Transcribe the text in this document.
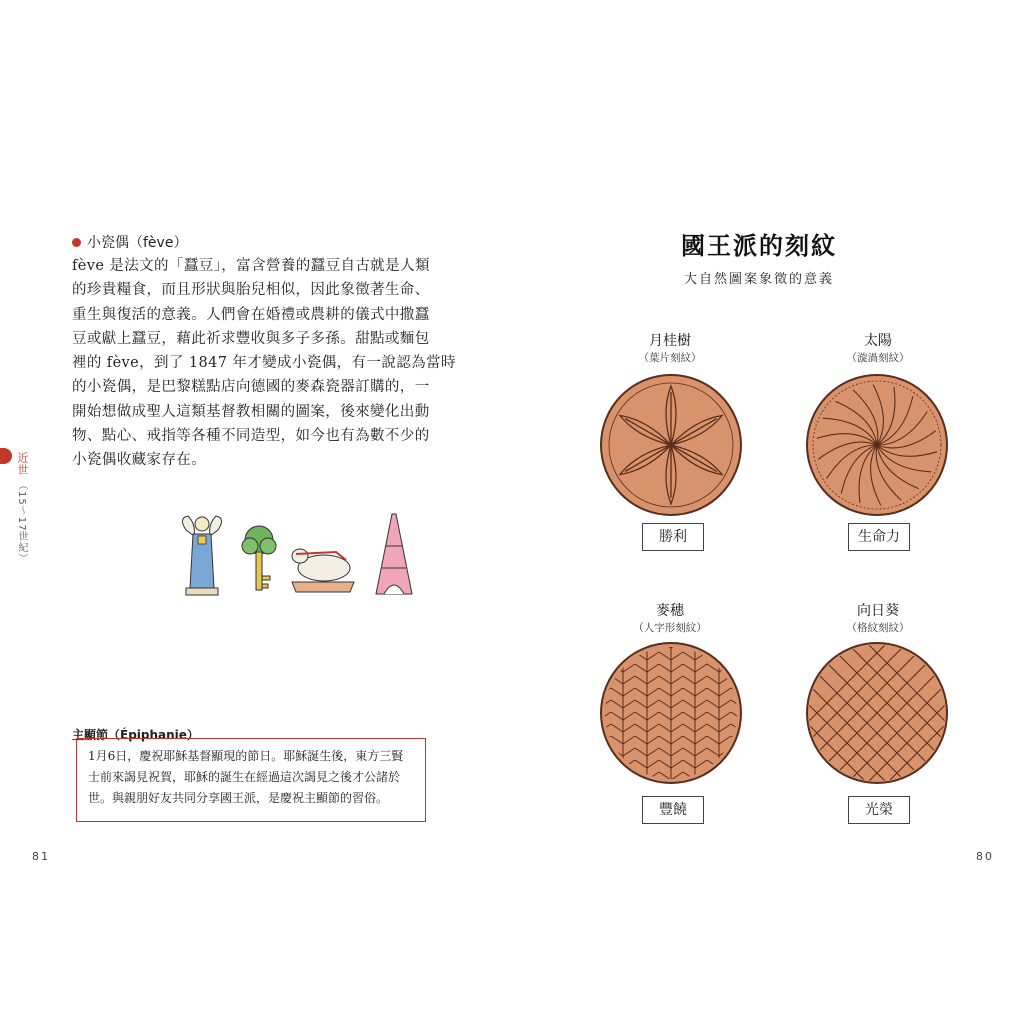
小瓷偶（fève）
fève 是法文的「蠶豆」，富含營養的蠶豆自古就是人類
的珍貴糧食，而且形狀與胎兒相似，因此象徵著生命、
重生與復活的意義。人們會在婚禮或農耕的儀式中撒蠶
豆或獻上蠶豆，藉此祈求豐收與多子多孫。甜點或麵包
裡的 fève，到了 1847 年才變成小瓷偶，有一說認為當時
的小瓷偶，是巴黎糕點店向德國的麥森瓷器訂購的，一
開始想做成聖人這類基督教相關的圖案，後來變化出動
物、點心、戒指等各種不同造型，如今也有為數不少的
小瓷偶收藏家存在。
近世
（15〜17世紀）
主顯節（Épiphanie）
1月6日，慶祝耶穌基督顯現的節日。耶穌誕生後，東方三賢
士前來謁見祝賀，耶穌的誕生在經過這次謁見之後才公諸於
世。與親朋好友共同分享國王派，是慶祝主顯節的習俗。
81
國王派的刻紋
大自然圖案象徵的意義
月桂樹
（葉片刻紋）
勝利
太陽
（漩渦刻紋）
生命力
麥穗
（人字形刻紋）
豐饒
向日葵
（格紋刻紋）
光榮
80
